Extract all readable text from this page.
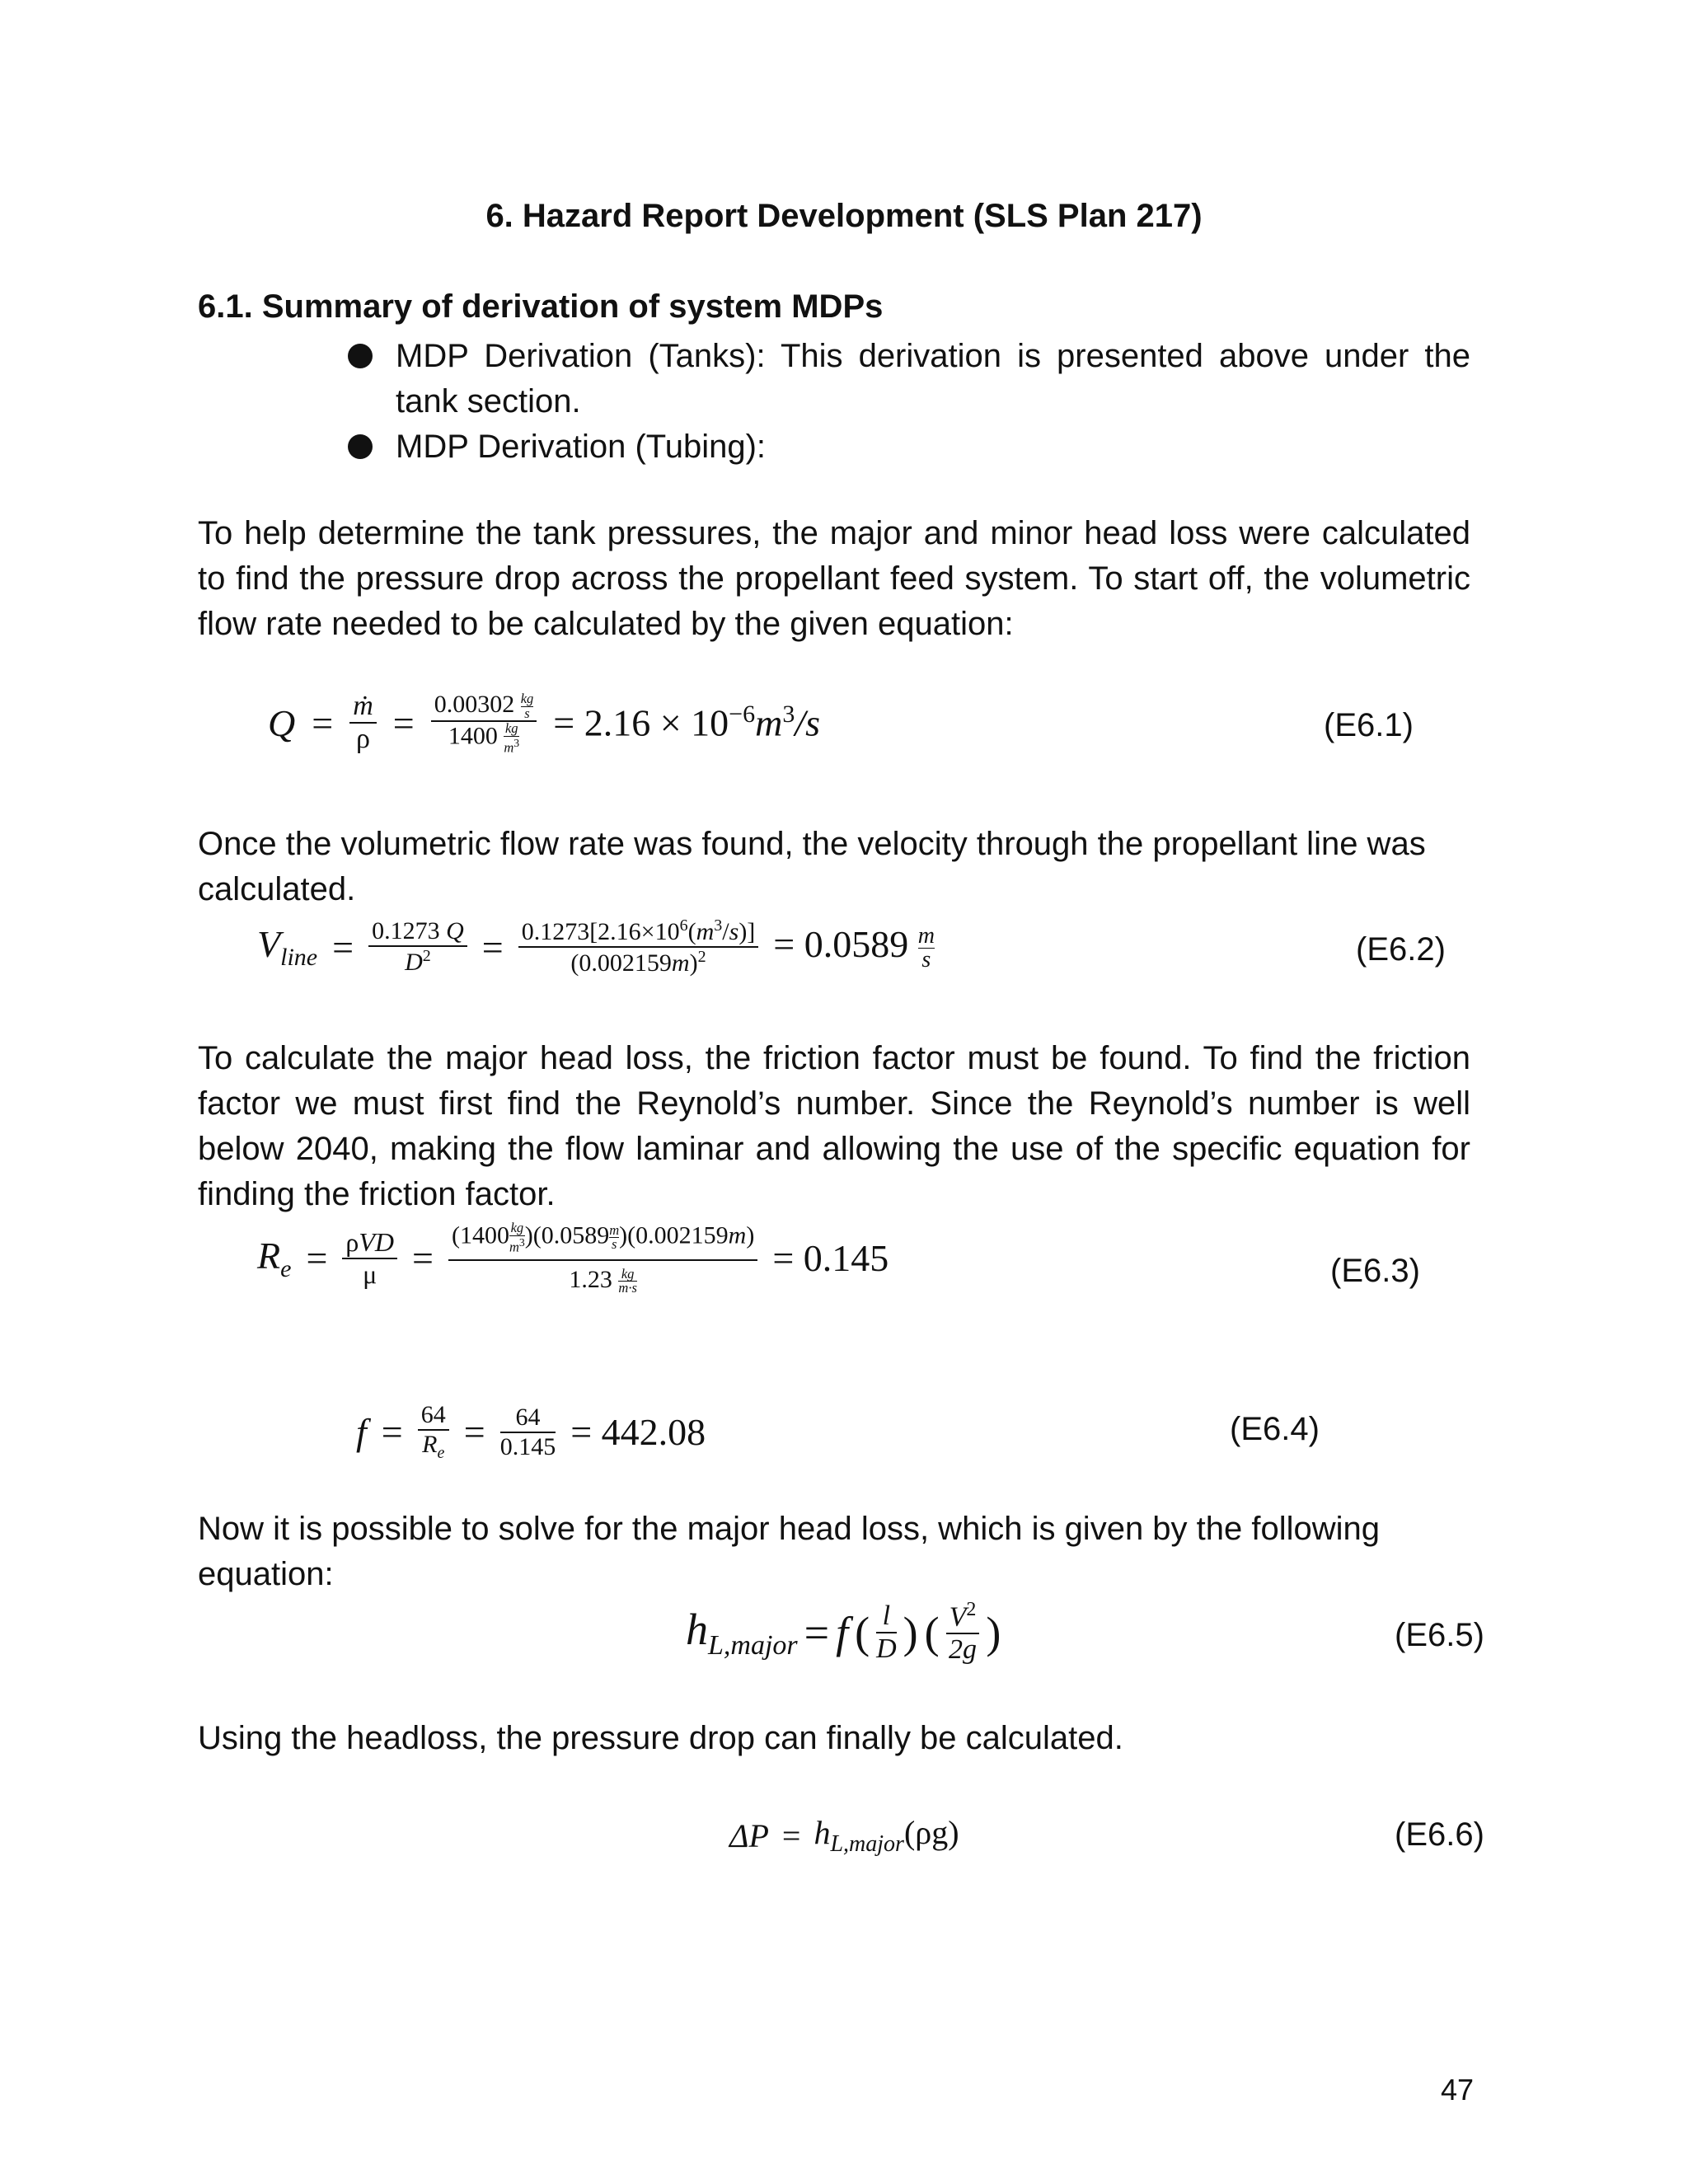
6. Hazard Report Development (SLS Plan 217)
6.1. Summary of derivation of system MDPs
MDP Derivation (Tanks): This derivation is presented above under the tank section.
MDP Derivation (Tubing):
To help determine the tank pressures, the major and minor head loss were calculated to find the pressure drop across the propellant feed system. To start off, the volumetric flow rate needed to be calculated by the given equation:
$Q = \frac{\text{ṁ}}{\rho} = \frac{0.00302 \frac{kg}{s}}{1400 \frac{kg}{m^3}} = 2.16 \times 10^{-6}m^3/s$	(E6.1)
Once the volumetric flow rate was found, the velocity through the propellant line was calculated.
$V_{line} = \frac{0.1273 Q}{D^2} = \frac{0.1273[2.16\times 10^6(m^3/s)]}{(0.002159m)^2} = 0.0589 \frac{m}{s}$	(E6.2)
To calculate the major head loss, the friction factor must be found. To find the friction factor we must first find the Reynold’s number. Since the Reynold’s number is well below 2040, making the flow laminar and allowing the use of the specific equation for finding the friction factor.
$R_e = \frac{\text{ρVD}}{\mu} = \frac{(1400 \frac{kg}{m^3} )(0.0589 \frac{m}{s} )(0.002159m)}{1.23 \frac{kg}{m\cdot s}} = 0.145$	(E6.3)
$f = \frac{64}{R_e} = \frac{64}{0.145} = 442.08$	(E6.4)
Now it is possible to solve for the major head loss, which is given by the following equation:
$h_{L,major} = f$ ( $\frac{l}{D}$ ) ( $\frac{V^2}{2g}$ )	(E6.5)
Using the headloss, the pressure drop can finally be calculated.
$\Delta P = h_{L,major}(\rho g)$	(E6.6)
47
